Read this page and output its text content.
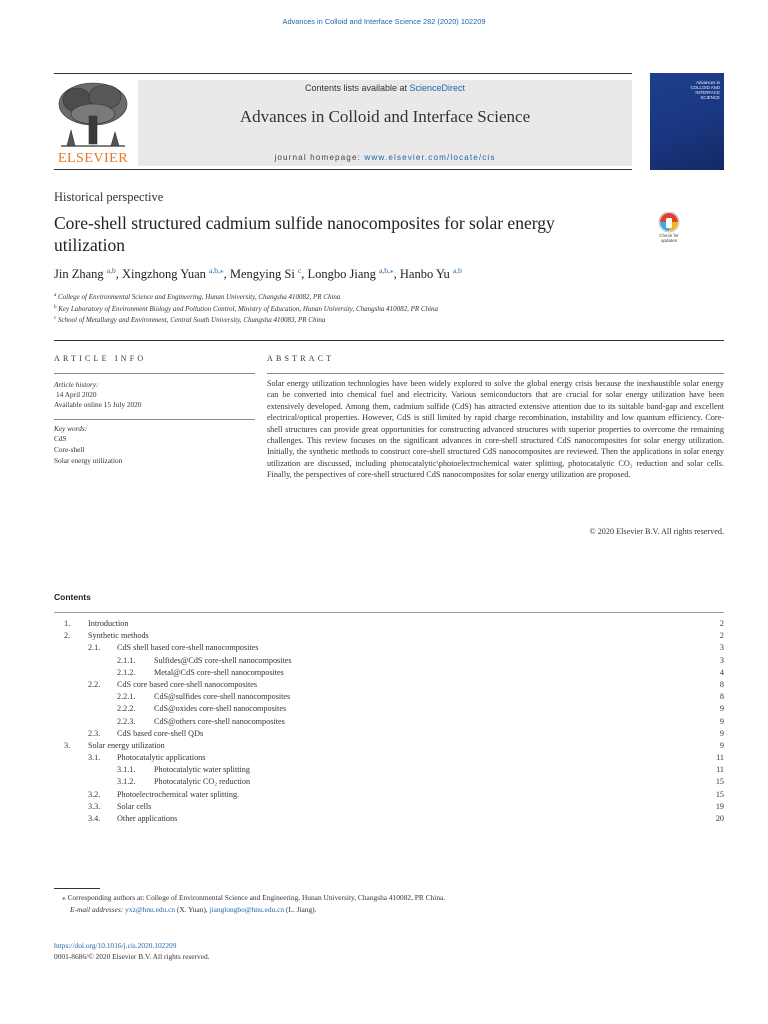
Advances in Colloid and Interface Science 282 (2020) 102209
ELSEVIER
Contents lists available at ScienceDirect
Advances in Colloid and Interface Science
journal homepage: www.elsevier.com/locate/cis
Advances in COLLOID AND INTERFACE SCIENCE
Historical perspective
Core-shell structured cadmium sulfide nanocomposites for solar energy utilization	Check for
updates
Jin Zhang $^{a,b}$, Xingzhong Yuan $^{a,b,⁎}$, Mengying Si $^c$, Longbo Jiang $^{a,b,⁎}$, Hanbo Yu $^{a,b}$
$^a$ College of Environmental Science and Engineering, Hunan University, Changsha 410082, PR China
$^b$ Key Laboratory of Environment Biology and Pollution Control, Ministry of Education, Hunan University, Changsha 410082, PR China
$^c$ School of Metallurgy and Environment, Central South University, Changsha 410083, PR China
ARTICLE INFO
Article history:
14 April 2020
Available online 15 July 2020
Key words:
CdS
Core-shell
Solar energy utilization
ABSTRACT
Solar energy utilization technologies have been widely explored to solve the global energy crisis because the inexhaustible solar energy can be converted into chemical fuel and electricity. Various semiconductors that are crucial for solar energy utilization have been extensively developed. Among them, cadmium sulfide (CdS) has attracted extensive attention due to its suitable band-gap and excellent electrical/optical properties. However, CdS is still limited by rapid charge recombination, instability and low quantum efficiency. Core-shell structures can provide great opportunities for constructing advanced structures with superior properties to overcome the remaining challenges. This review focuses on the significant advances in core-shell structured CdS nanocomposites for solar energy utilization. Initially, the synthetic methods to construct core-shell structured CdS nanocomposites are reviewed. Then the applications in solar energy utilization are discussed, including photocatalytic\photoelectrochemical water splitting, photocatalytic CO₂ reduction and solar cells. Finally, the perspectives of core-shell structured CdS nanocomposites for solar energy utilization are proposed.
© 2020 Elsevier B.V. All rights reserved.
Contents
1. Introduction	2
2. Synthetic methods	2
2.1. CdS shell based core-shell nanocomposites	3
2.1.1. Sulfides@CdS core-shell nanocomposites	3
2.1.2. Metal@CdS core-shell nanocomposites	4
2.2. CdS core based core-shell nanocomposites	8
2.2.1. CdS@sulfides core-shell nanocomposites	8
2.2.2. CdS@oxides core-shell nanocomposites	9
2.2.3. CdS@others core-shell nanocomposites	9
2.3. CdS based core-shell QDs	9
3. Solar energy utilization	9
3.1. Photocatalytic applications	11
3.1.1. Photocatalytic water splitting	11
3.1.2. Photocatalytic CO₂ reduction	15
3.2. Photoelectrochemical water splitting.	15
3.3. Solar cells	19
3.4. Other applications	20
⁎ Corresponding authors at: College of Environmental Science and Engineering, Hunan University, Changsha 410082, PR China.
E-mail addresses: yxz@hnu.edu.cn (X. Yuan), jianglongbo@hnu.edu.cn (L. Jiang).
https://doi.org/10.1016/j.cis.2020.102209
0001-8686/© 2020 Elsevier B.V. All rights reserved.
